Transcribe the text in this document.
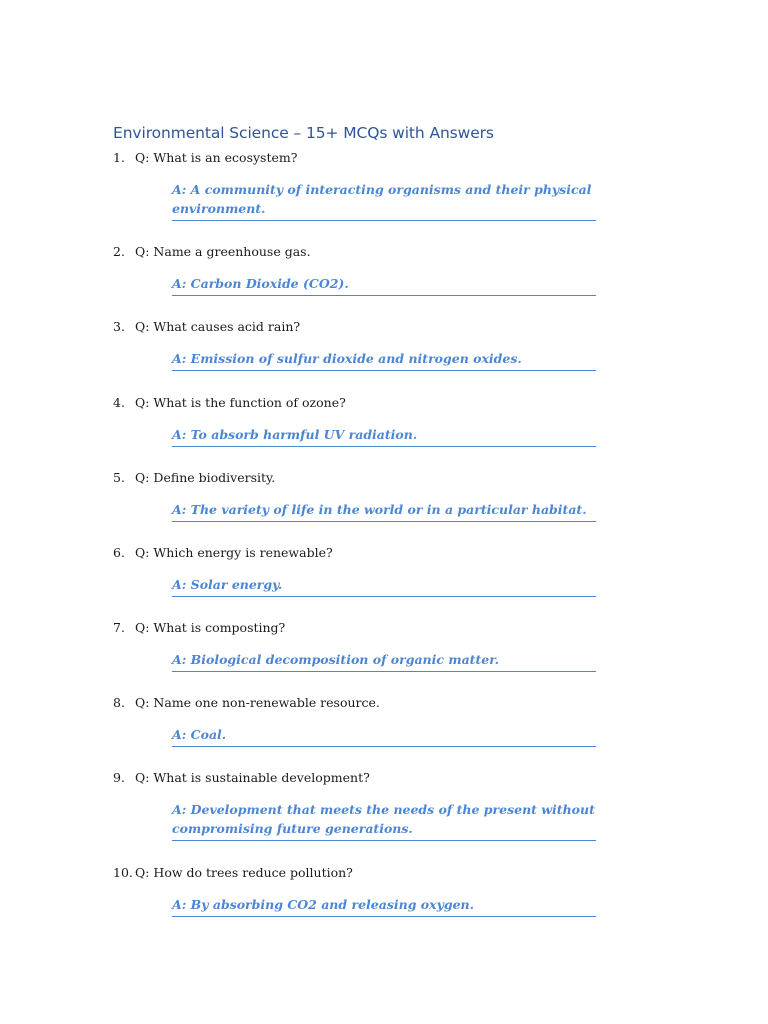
Environmental Science – 15+ MCQs with Answers
1. Q: What is an ecosystem?
A: A community of interacting organisms and their physical environment.
2. Q: Name a greenhouse gas.
A: Carbon Dioxide (CO2).
3. Q: What causes acid rain?
A: Emission of sulfur dioxide and nitrogen oxides.
4. Q: What is the function of ozone?
A: To absorb harmful UV radiation.
5. Q: Define biodiversity.
A: The variety of life in the world or in a particular habitat.
6. Q: Which energy is renewable?
A: Solar energy.
7. Q: What is composting?
A: Biological decomposition of organic matter.
8. Q: Name one non-renewable resource.
A: Coal.
9. Q: What is sustainable development?
A: Development that meets the needs of the present without compromising future generations.
10. Q: How do trees reduce pollution?
A: By absorbing CO2 and releasing oxygen.
